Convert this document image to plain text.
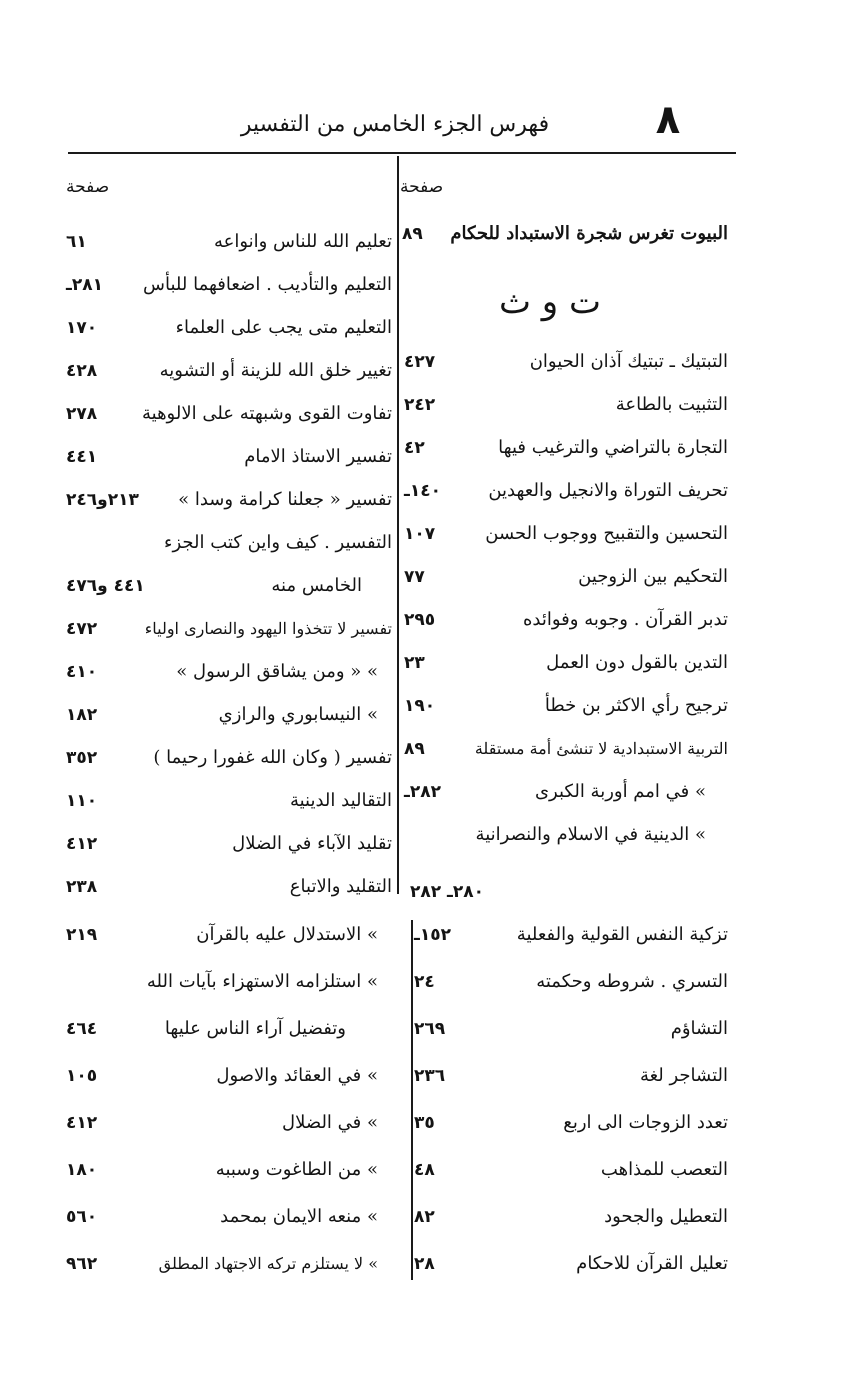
٨
فهرس الجزء الخامس من التفسير
صفحة
صفحة
البيوت تغرس شجرة الاستبداد للحكام
٨٩
ت و ث
التبتيك ـ تبتيك آذان الحيوان
٤٢٧
التثبيت بالطاعة
٢٤٢
التجارة بالتراضي والترغيب فيها
٤٢
تحريف التوراة والانجيل والعهدين
١٤٠ـ
التحسين والتقبيح ووجوب الحسن
١٠٧
التحكيم بين الزوجين
٧٧
تدبر القرآن . وجوبه وفوائده
٢٩٥
التدين بالقول دون العمل
٢٣
ترجيح رأي الاكثر بن خطأ
١٩٠
التربية الاستبدادية لا تنشئ أمة مستقلة
٨٩
» في امم أوربة الكبرى
٢٨٢ـ
» الدينية في الاسلام والنصرانية
٢٨٠ـ ٢٨٢
تزكية النفس القولية والفعلية
١٥٢ـ
التسري . شروطه وحكمته
٢٤
التشاؤم
٢٦٩
التشاجر لغة
٢٣٦
تعدد الزوجات الى اربع
٣٥
التعصب للمذاهب
٤٨
التعطيل والجحود
٨٢
تعليل القرآن للاحكام
٢٨
تعليم الله للناس وانواعه
٦١
التعليم والتأديب . اضعافهما للبأس
٢٨١ـ
التعليم متى يجب على العلماء
١٧٠
تغيير خلق الله للزينة أو التشويه
٤٢٨
تفاوت القوى وشبهته على الالوهية
٢٧٨
تفسير الاستاذ الامام
٤٤١
تفسير « جعلنا كرامة وسدا »
٢١٣و٢٤٦
التفسير . كيف واين كتب الجزء
الخامس منه
٤٤١ و٤٧٦
تفسير لا تتخذوا اليهود والنصارى اولياء
٤٧٢
» « ومن يشاقق الرسول »
٤١٠
» النيسابوري والرازي
١٨٢
تفسير ( وكان الله غفورا رحيما )
٣٥٢
التقاليد الدينية
١١٠
تقليد الآباء في الضلال
٤١٢
التقليد والاتباع
٢٣٨
» الاستدلال عليه بالقرآن
٢١٩
» استلزامه الاستهزاء بآيات الله
وتفضيل آراء الناس عليها
٤٦٤
» في العقائد والاصول
١٠٥
» في الضلال
٤١٢
» من الطاغوت وسببه
١٨٠
» منعه الايمان بمحمد
٥٦٠
» لا يستلزم تركه الاجتهاد المطلق
٩٦٢
